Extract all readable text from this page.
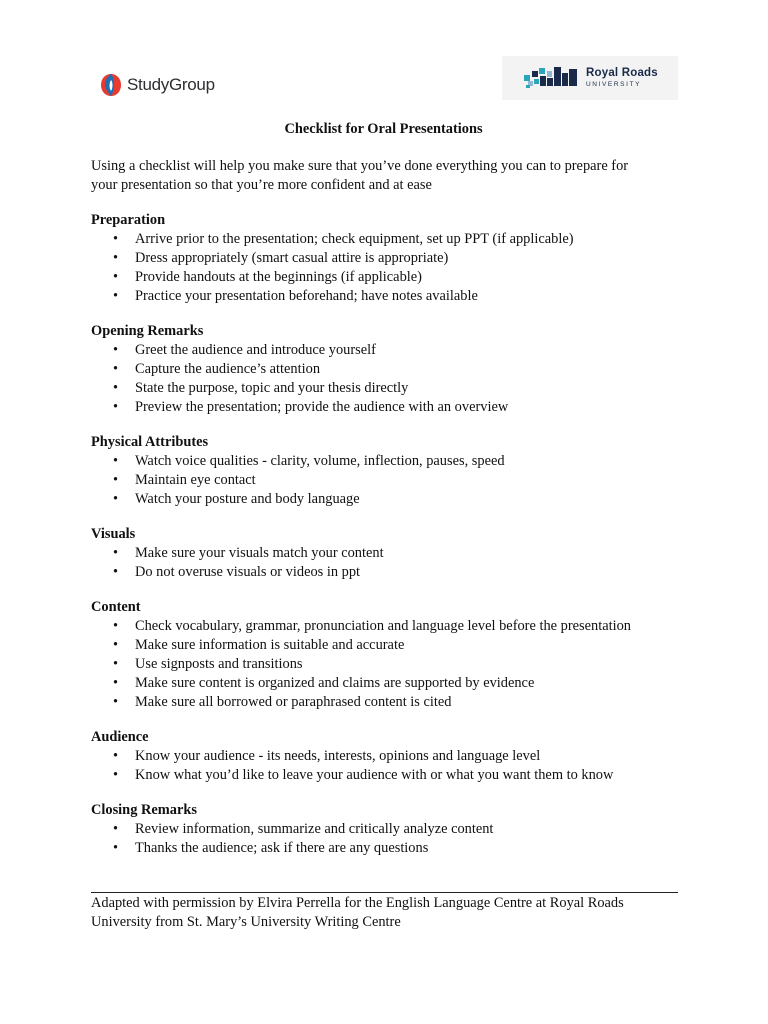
StudyGroup
Royal Roads
UNIVERSITY

Checklist for Oral Presentations

Using a checklist will help you make sure that you’ve done everything you can to prepare for
your presentation so that you’re more confident and at ease

Preparation

• Arrive prior to the presentation; check equipment, set up PPT (if applicable)
• Dress appropriately (smart casual attire is appropriate)
• Provide handouts at the beginnings (if applicable)
• Practice your presentation beforehand; have notes available

Opening Remarks

• Greet the audience and introduce yourself
• Capture the audience’s attention
• State the purpose, topic and your thesis directly
• Preview the presentation; provide the audience with an overview

Physical Attributes

• Watch voice qualities - clarity, volume, inflection, pauses, speed
• Maintain eye contact
• Watch your posture and body language

Visuals

• Make sure your visuals match your content
• Do not overuse visuals or videos in ppt

Content

• Check vocabulary, grammar, pronunciation and language level before the presentation
• Make sure information is suitable and accurate
• Use signposts and transitions
• Make sure content is organized and claims are supported by evidence
• Make sure all borrowed or paraphrased content is cited

Audience

• Know your audience - its needs, interests, opinions and language level
• Know what you’d like to leave your audience with or what you want them to know

Closing Remarks

• Review information, summarize and critically analyze content
• Thanks the audience; ask if there are any questions
Adapted with permission by Elvira Perrella for the English Language Centre at Royal Roads
University from St. Mary’s University Writing Centre
